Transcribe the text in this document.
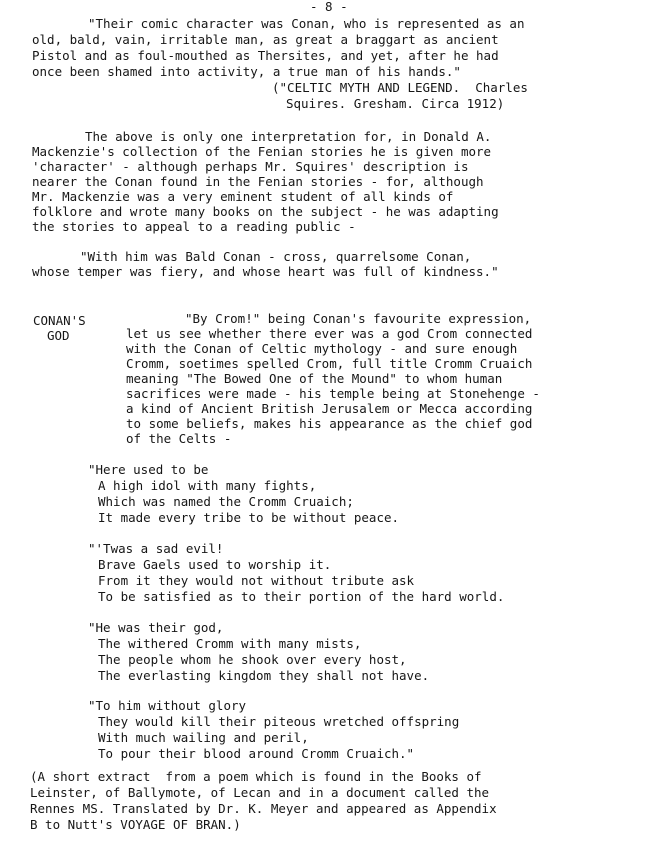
- 8 -
"Their comic character was Conan, who is represented as an
old, bald, vain, irritable man, as great a braggart as ancient
Pistol and as foul-mouthed as Thersites, and yet, after he had
once been shamed into activity, a true man of his hands."
("CELTIC MYTH AND LEGEND.  Charles
Squires. Gresham. Circa 1912)
The above is only one interpretation for, in Donald A.
Mackenzie's collection of the Fenian stories he is given more
'character' - although perhaps Mr. Squires' description is
nearer the Conan found in the Fenian stories - for, although
Mr. Mackenzie was a very eminent student of all kinds of
folklore and wrote many books on the subject - he was adapting
the stories to appeal to a reading public -
"With him was Bald Conan - cross, quarrelsome Conan,
whose temper was fiery, and whose heart was full of kindness."
CONAN'S
GOD
"By Crom!" being Conan's favourite expression,
let us see whether there ever was a god Crom connected
with the Conan of Celtic mythology - and sure enough
Cromm, soetimes spelled Crom, full title Cromm Cruaich
meaning "The Bowed One of the Mound" to whom human
sacrifices were made - his temple being at Stonehenge -
a kind of Ancient British Jerusalem or Mecca according
to some beliefs, makes his appearance as the chief god
of the Celts -
"Here used to be
A high idol with many fights,
Which was named the Cromm Cruaich;
It made every tribe to be without peace.
"'Twas a sad evil!
Brave Gaels used to worship it.
From it they would not without tribute ask
To be satisfied as to their portion of the hard world.
"He was their god,
The withered Cromm with many mists,
The people whom he shook over every host,
The everlasting kingdom they shall not have.
"To him without glory
They would kill their piteous wretched offspring
With much wailing and peril,
To pour their blood around Cromm Cruaich."
(A short extract  from a poem which is found in the Books of
Leinster, of Ballymote, of Lecan and in a document called the
Rennes MS. Translated by Dr. K. Meyer and appeared as Appendix
B to Nutt's VOYAGE OF BRAN.)
